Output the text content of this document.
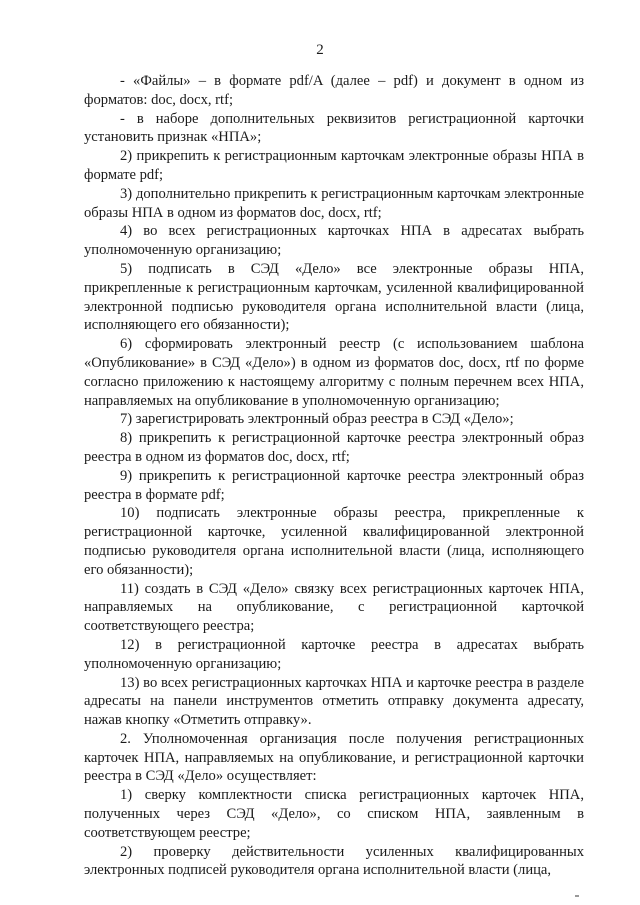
2

- «Файлы» – в формате pdf/A (далее – pdf) и документ в одном из форматов: doc, docx, rtf;

- в наборе дополнительных реквизитов регистрационной карточки установить признак «НПА»;

2) прикрепить к регистрационным карточкам электронные образы НПА в формате pdf;

3) дополнительно прикрепить к регистрационным карточкам электронные образы НПА в одном из форматов doc, docx, rtf;

4) во всех регистрационных карточках НПА в адресатах выбрать уполномоченную организацию;

5) подписать в СЭД «Дело» все электронные образы НПА, прикрепленные к регистрационным карточкам, усиленной квалифицированной электронной подписью руководителя органа исполнительной власти (лица, исполняющего его обязанности);

6) сформировать электронный реестр (с использованием шаблона «Опубликование» в СЭД «Дело») в одном из форматов doc, docx, rtf по форме согласно приложению к настоящему алгоритму с полным перечнем всех НПА, направляемых на опубликование в уполномоченную организацию;

7) зарегистрировать электронный образ реестра в СЭД «Дело»;

8) прикрепить к регистрационной карточке реестра электронный образ реестра в одном из форматов doc, docx, rtf;

9) прикрепить к регистрационной карточке реестра электронный образ реестра в формате pdf;

10) подписать электронные образы реестра, прикрепленные к регистрационной карточке, усиленной квалифицированной электронной подписью руководителя органа исполнительной власти (лица, исполняющего его обязанности);

11) создать в СЭД «Дело» связку всех регистрационных карточек НПА, направляемых на опубликование, с регистрационной карточкой соответствующего реестра;

12) в регистрационной карточке реестра в адресатах выбрать уполномоченную организацию;

13) во всех регистрационных карточках НПА и карточке реестра в разделе адресаты на панели инструментов отметить отправку документа адресату, нажав кнопку «Отметить отправку».

2. Уполномоченная организация после получения регистрационных карточек НПА, направляемых на опубликование, и регистрационной карточки реестра в СЭД «Дело» осуществляет:

1) сверку комплектности списка регистрационных карточек НПА, полученных через СЭД «Дело», со списком НПА, заявленным в соответствующем реестре;

2) проверку действительности усиленных квалифицированных электронных подписей руководителя органа исполнительной власти (лица,
